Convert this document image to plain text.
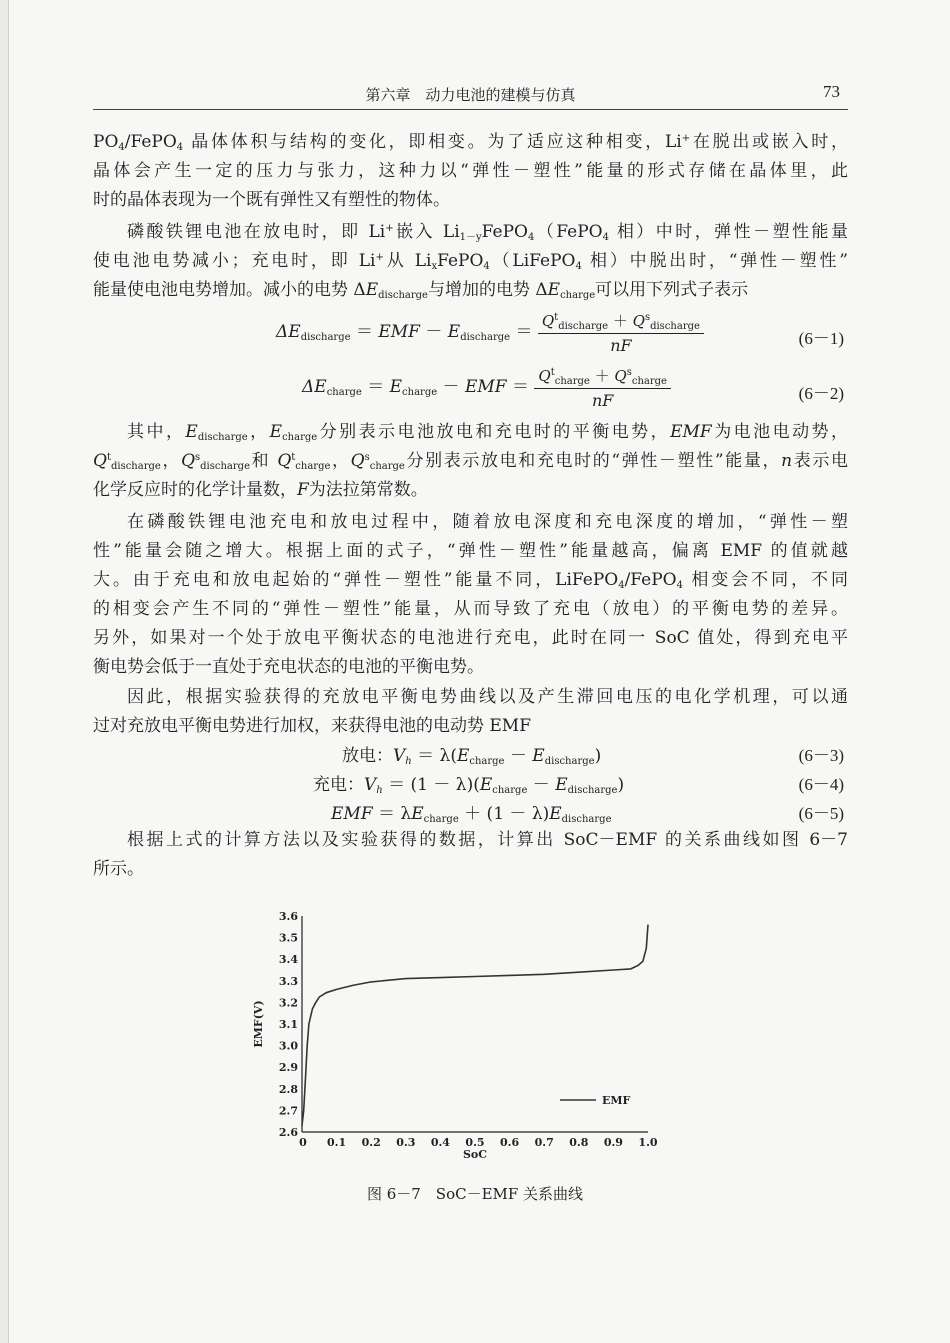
第六章　动力电池的建模与仿真	73
$PO_4/FePO_4$ 晶体体积与结构的变化，即相变。为了适应这种相变，Li+在脱出或嵌入时，
晶体会产生一定的压力与张力，这种力以“弹性－塑性”能量的形式存储在晶体里，此
时的晶体表现为一个既有弹性又有塑性的物体。
磷酸铁锂电池在放电时，即 Li+嵌入 $Li_{1-y}FePO_4(FePO_4$ 相）中时，弹性－塑性能量
使电池电势减小；充电时，即 Li+从 $Li_xFePO_4(LiFePO_4$ 相）中脱出时，“弹性－塑性”
能量使电池电势增加。减小的电势 $\Delta E_{discharge}$与增加的电势 $\Delta E_{charge}$可以用下列式子表示
$\Delta E_{discharge}$ ＝ EMF － $E_{discharge} = \frac{Q^t_{discharge} + Q^s_{discharge}}{nF}$	(6－1)
$\Delta E_{charge} = E_{charge}$ － EMF ＝ $\frac{Q^t_{charge} + Q^s_{charge}}{nF}$	(6－2)
其中，$E_{discharge}$，$E_{charge}$分别表示电池放电和充电时的平衡电势，EMF为电池电动势，
$Q^t_{discharge}$，$Q^s_{discharge}$和 $Q^t_{charge}$，$Q^s_{charge}$分别表示放电和充电时的“弹性－塑性”能量，n表示电
化学反应时的化学计量数，F为法拉第常数。
在磷酸铁锂电池充电和放电过程中，随着放电深度和充电深度的增加，“弹性－塑
性”能量会随之增大。根据上面的式子，“弹性－塑性”能量越高，偏离 EMF 的值就越
大。由于充电和放电起始的“弹性－塑性”能量不同，LiFePO$_4$/FePO$_4$ 相变会不同，不同
的相变会产生不同的“弹性－塑性”能量，从而导致了充电（放电）的平衡电势的差异。
另外，如果对一个处于放电平衡状态的电池进行充电，此时在同一 SoC 值处，得到充电平
衡电势会低于一直处于充电状态的电池的平衡电势。
因此，根据实验获得的充放电平衡电势曲线以及产生滞回电压的电化学机理，可以通
过对充放电平衡电势进行加权，来获得电池的电动势 EMF
放电：$V_h = \lambda(E_{charge} - E_{discharge})$	(6－3)
充电：$V_h = (1 - \lambda)(E_{charge} - E_{discharge})$	(6－4)
EMF ＝ $\lambda E_{charge} + (1 - \lambda)E_{discharge}$	(6－5)
根据上式的计算方法以及实验获得的数据，计算出 SoC－EMF 的关系曲线如图 6－7
所示。
2.6
2.7
2.8
2.9
3.0
3.1
3.2
3.3
3.4
3.5
3.6
0 0.1 0.2 0.3 0.4 0.5 0.6 0.7 0.8 0.9 1.0
SoC
EMF(V)
EMF
图 6－7　SoC－EMF 关系曲线
